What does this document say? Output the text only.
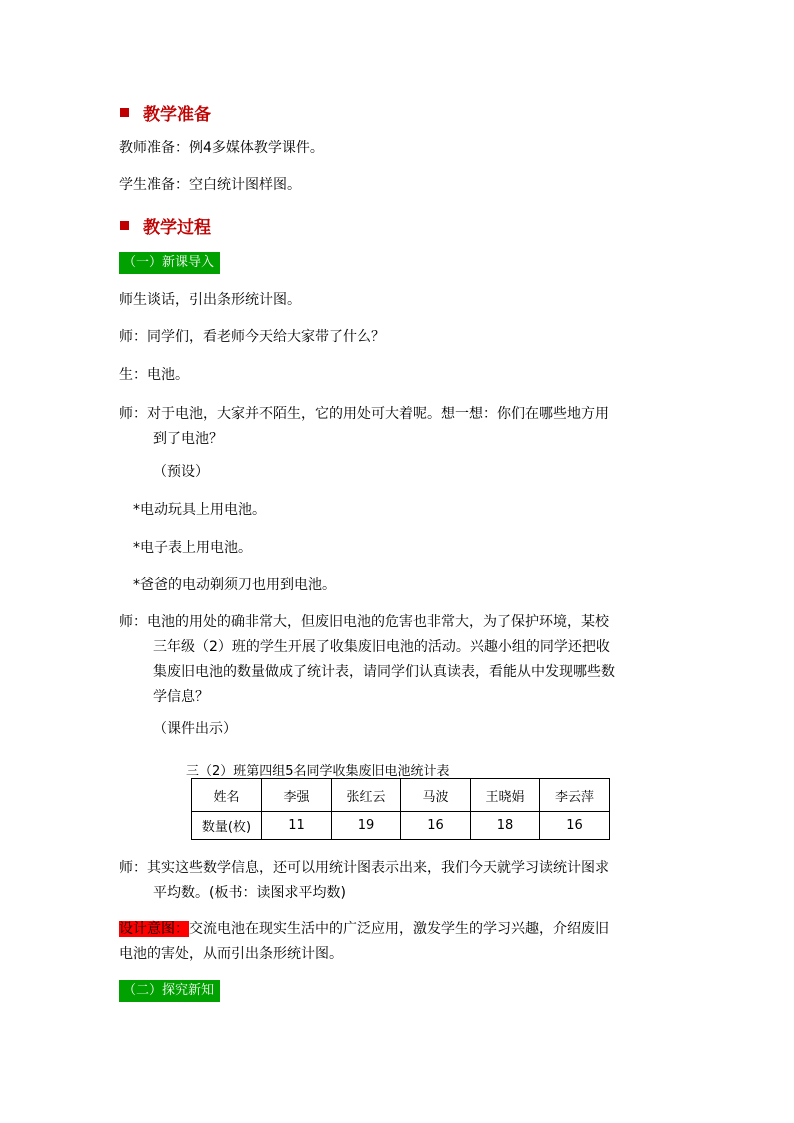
教学准备
教师准备：例4多媒体教学课件。
学生准备：空白统计图样图。
教学过程
（一）新课导入
师生谈话，引出条形统计图。
师：同学们，看老师今天给大家带了什么？
生：电池。
师：对于电池，大家并不陌生，它的用处可大着呢。想一想：你们在哪些地方用
到了电池？
（预设）
*电动玩具上用电池。
*电子表上用电池。
*爸爸的电动剃须刀也用到电池。
师：电池的用处的确非常大，但废旧电池的危害也非常大，为了保护环境，某校
三年级（2）班的学生开展了收集废旧电池的活动。兴趣小组的同学还把收
集废旧电池的数量做成了统计表，请同学们认真读表，看能从中发现哪些数
学信息？
（课件出示）
三（2）班第四组5名同学收集废旧电池统计表
姓名	李强	张红云	马波	王晓娟	李云萍
数量(枚)	11	19	16	18	16
师：其实这些数学信息，还可以用统计图表示出来，我们今天就学习读统计图求
平均数。(板书：读图求平均数)
设计意图：交流电池在现实生活中的广泛应用，激发学生的学习兴趣，介绍废旧
电池的害处，从而引出条形统计图。
（二）探究新知
